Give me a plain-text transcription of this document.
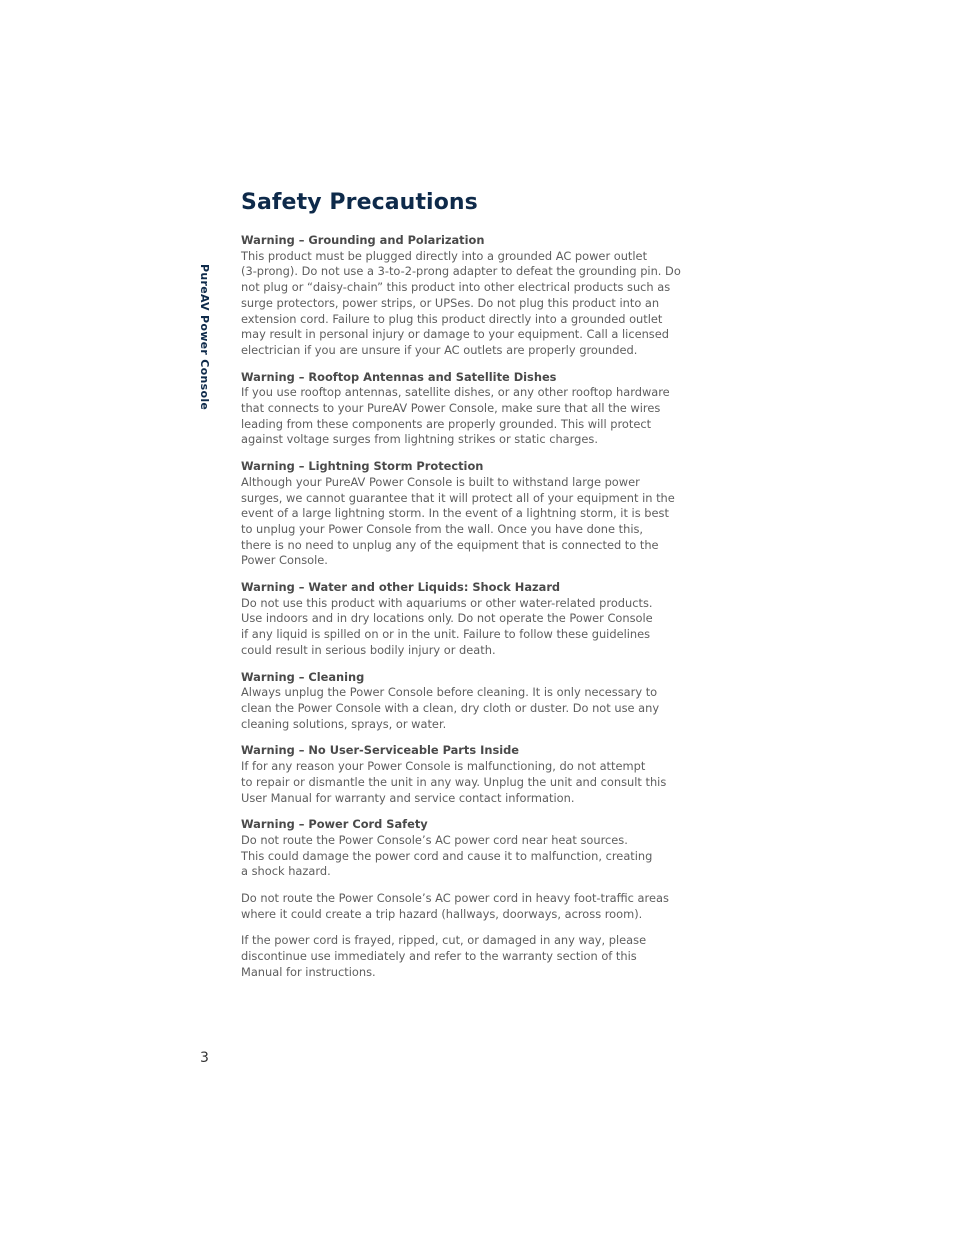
PureAV Power Console
Safety Precautions

Warning – Grounding and Polarization

This product must be plugged directly into a grounded AC power outlet
(3-prong). Do not use a 3-to-2-prong adapter to defeat the grounding pin. Do
not plug or “daisy-chain” this product into other electrical products such as
surge protectors, power strips, or UPSes. Do not plug this product into an
extension cord. Failure to plug this product directly into a grounded outlet
may result in personal injury or damage to your equipment. Call a licensed
electrician if you are unsure if your AC outlets are properly grounded.

Warning – Rooftop Antennas and Satellite Dishes

If you use rooftop antennas, satellite dishes, or any other rooftop hardware
that connects to your PureAV Power Console, make sure that all the wires
leading from these components are properly grounded. This will protect
against voltage surges from lightning strikes or static charges.

Warning – Lightning Storm Protection

Although your PureAV Power Console is built to withstand large power
surges, we cannot guarantee that it will protect all of your equipment in the
event of a large lightning storm. In the event of a lightning storm, it is best
to unplug your Power Console from the wall. Once you have done this,
there is no need to unplug any of the equipment that is connected to the
Power Console.

Warning – Water and other Liquids: Shock Hazard

Do not use this product with aquariums or other water-related products.
Use indoors and in dry locations only. Do not operate the Power Console
if any liquid is spilled on or in the unit. Failure to follow these guidelines
could result in serious bodily injury or death.

Warning – Cleaning

Always unplug the Power Console before cleaning. It is only necessary to
clean the Power Console with a clean, dry cloth or duster. Do not use any
cleaning solutions, sprays, or water.

Warning – No User-Serviceable Parts Inside

If for any reason your Power Console is malfunctioning, do not attempt
to repair or dismantle the unit in any way. Unplug the unit and consult this
User Manual for warranty and service contact information.

Warning – Power Cord Safety

Do not route the Power Console’s AC power cord near heat sources.
This could damage the power cord and cause it to malfunction, creating
a shock hazard.

Do not route the Power Console’s AC power cord in heavy foot-traffic areas
where it could create a trip hazard (hallways, doorways, across room).

If the power cord is frayed, ripped, cut, or damaged in any way, please
discontinue use immediately and refer to the warranty section of this
Manual for instructions.

3
